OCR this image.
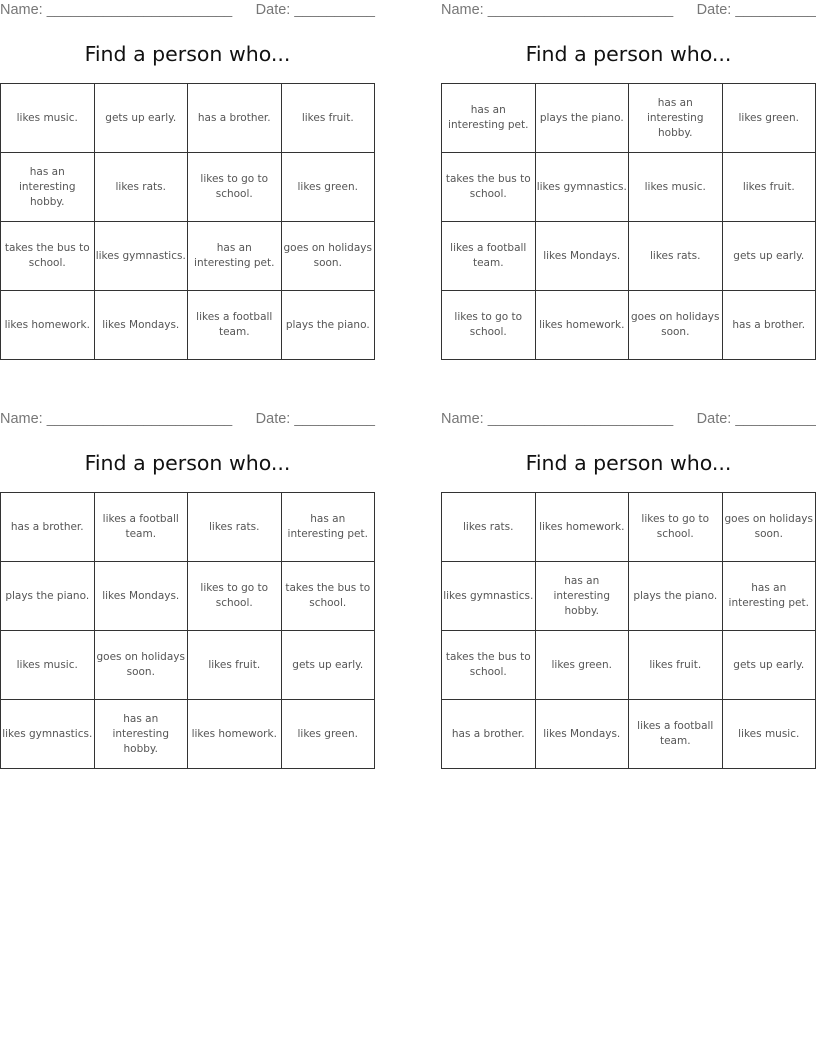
Name: _______________________ Date: __________
Find a person who...
likes music.	gets up early.	has a brother.	likes fruit.
has an interesting hobby.	likes rats.	likes to go to school.	likes green.
takes the bus to school.	likes gymnastics.	has an interesting pet.	goes on holidays soon.
likes homework.	likes Mondays.	likes a football team.	plays the piano.
Name: _______________________ Date: __________
Find a person who...
has an interesting pet.	plays the piano.	has an interesting hobby.	likes green.
takes the bus to school.	likes gymnastics.	likes music.	likes fruit.
likes a football team.	likes Mondays.	likes rats.	gets up early.
likes to go to school.	likes homework.	goes on holidays soon.	has a brother.
Name: _______________________ Date: __________
Find a person who...
has a brother.	likes a football team.	likes rats.	has an interesting pet.
plays the piano.	likes Mondays.	likes to go to school.	takes the bus to school.
likes music.	goes on holidays soon.	likes fruit.	gets up early.
likes gymnastics.	has an interesting hobby.	likes homework.	likes green.
Name: _______________________ Date: __________
Find a person who...
likes rats.	likes homework.	likes to go to school.	goes on holidays soon.
likes gymnastics.	has an interesting hobby.	plays the piano.	has an interesting pet.
takes the bus to school.	likes green.	likes fruit.	gets up early.
has a brother.	likes Mondays.	likes a football team.	likes music.
